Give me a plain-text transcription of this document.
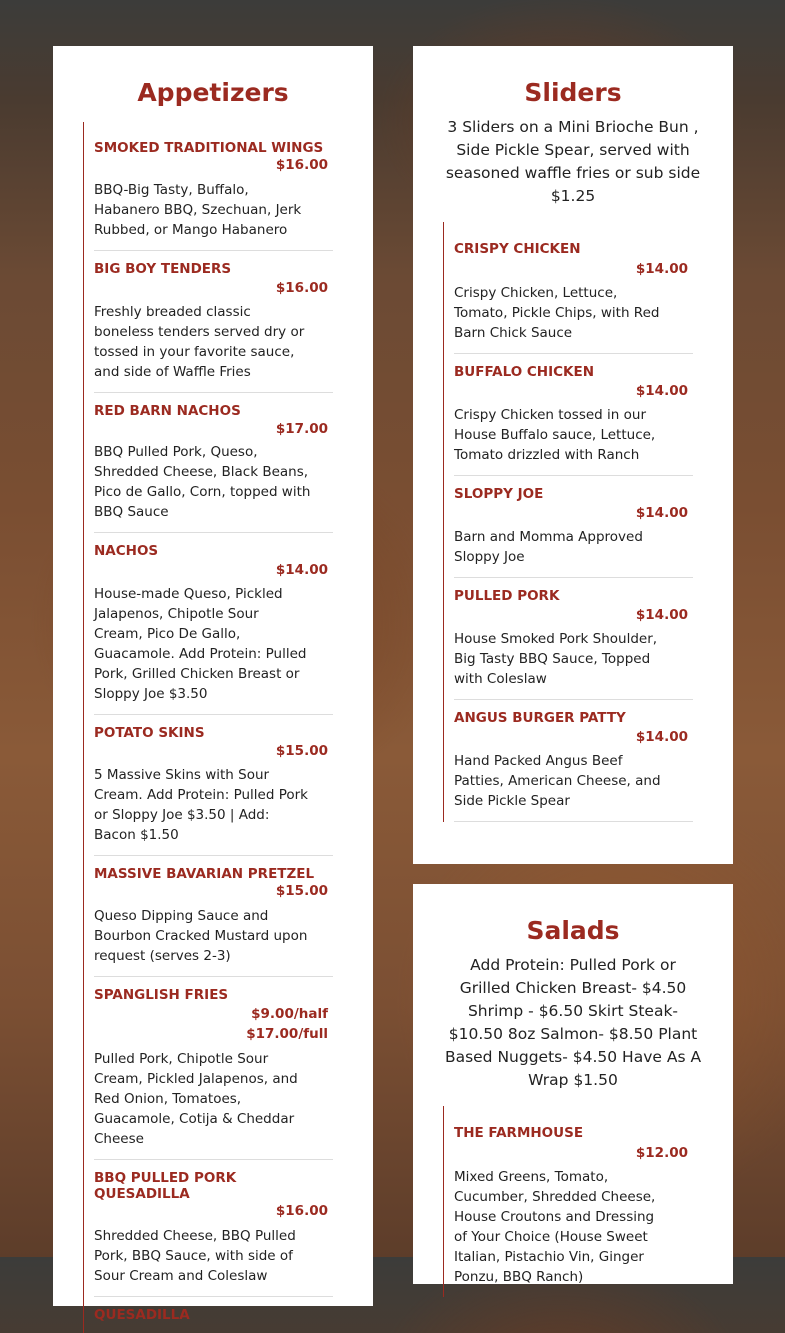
Appetizers
SMOKED TRADITIONAL WINGS
$16.00
BBQ-Big Tasty, Buffalo, Habanero BBQ, Szechuan, Jerk Rubbed, or Mango Habanero
BIG BOY TENDERS
$16.00
Freshly breaded classic boneless tenders served dry or tossed in your favorite sauce, and side of Waffle Fries
RED BARN NACHOS
$17.00
BBQ Pulled Pork, Queso, Shredded Cheese, Black Beans, Pico de Gallo, Corn, topped with BBQ Sauce
NACHOS
$14.00
House-made Queso, Pickled Jalapenos, Chipotle Sour Cream, Pico De Gallo, Guacamole. Add Protein: Pulled Pork, Grilled Chicken Breast or Sloppy Joe $3.50
POTATO SKINS
$15.00
5 Massive Skins with Sour Cream. Add Protein: Pulled Pork or Sloppy Joe $3.50 | Add: Bacon $1.50
MASSIVE BAVARIAN PRETZEL
$15.00
Queso Dipping Sauce and Bourbon Cracked Mustard upon request (serves 2-3)
SPANGLISH FRIES
$9.00/half
$17.00/full
Pulled Pork, Chipotle Sour Cream, Pickled Jalapenos, and Red Onion, Tomatoes, Guacamole, Cotija & Cheddar Cheese
BBQ PULLED PORK QUESADILLA
$16.00
Shredded Cheese, BBQ Pulled Pork, BBQ Sauce, with side of Sour Cream and Coleslaw
QUESADILLA
Sliders
3 Sliders on a Mini Brioche Bun , Side Pickle Spear, served with seasoned waffle fries or sub side $1.25
CRISPY CHICKEN
$14.00
Crispy Chicken, Lettuce, Tomato, Pickle Chips, with Red Barn Chick Sauce
BUFFALO CHICKEN
$14.00
Crispy Chicken tossed in our House Buffalo sauce, Lettuce, Tomato drizzled with Ranch
SLOPPY JOE
$14.00
Barn and Momma Approved Sloppy Joe
PULLED PORK
$14.00
House Smoked Pork Shoulder, Big Tasty BBQ Sauce, Topped with Coleslaw
ANGUS BURGER PATTY
$14.00
Hand Packed Angus Beef Patties, American Cheese, and Side Pickle Spear
Salads
Add Protein: Pulled Pork or Grilled Chicken Breast- $4.50 Shrimp - $6.50 Skirt Steak- $10.50 8oz Salmon- $8.50 Plant Based Nuggets- $4.50 Have As A Wrap $1.50
THE FARMHOUSE
$12.00
Mixed Greens, Tomato, Cucumber, Shredded Cheese, House Croutons and Dressing of Your Choice (House Sweet Italian, Pistachio Vin, Ginger Ponzu, BBQ Ranch)
